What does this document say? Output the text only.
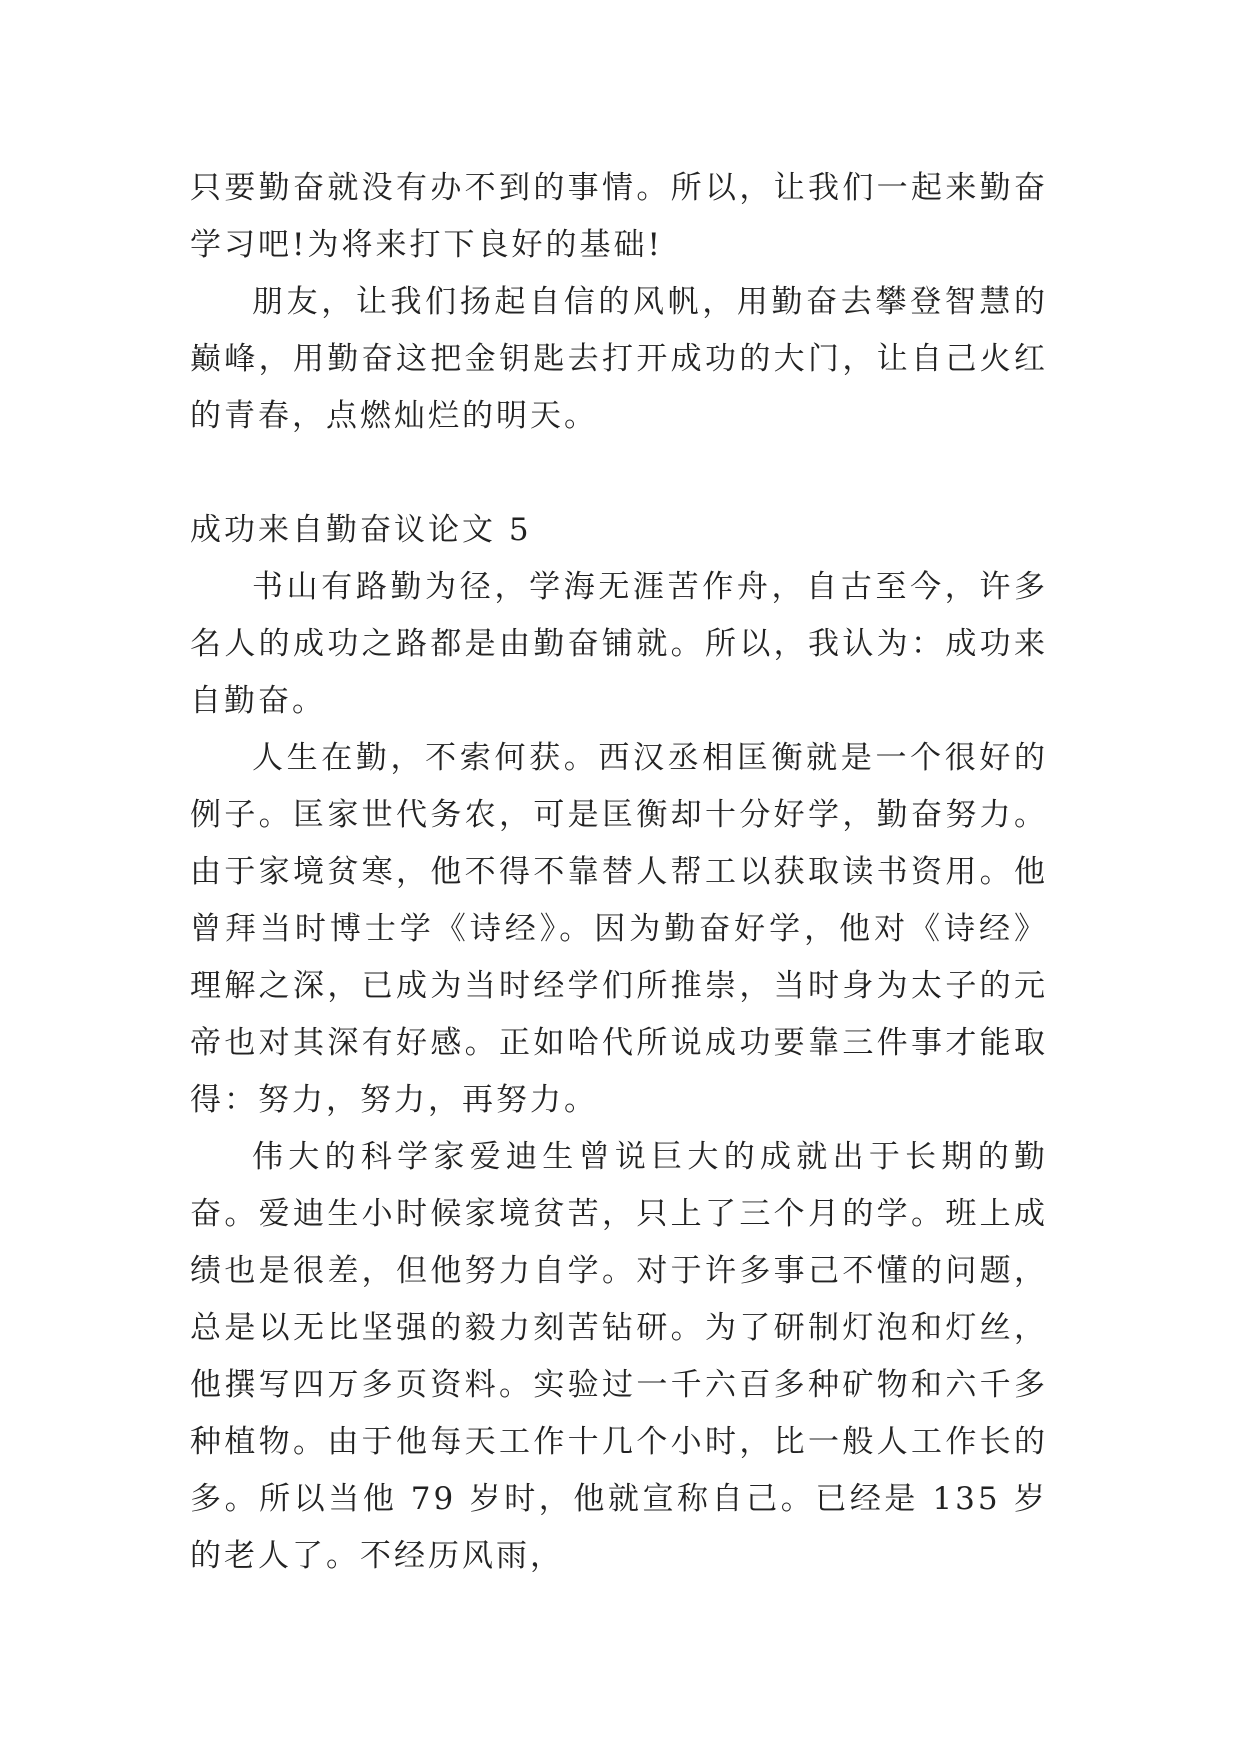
只要勤奋就没有办不到的事情。所以，让我们一起来勤奋学习吧!为将来打下良好的基础!

朋友，让我们扬起自信的风帆，用勤奋去攀登智慧的巅峰，用勤奋这把金钥匙去打开成功的大门，让自己火红的青春，点燃灿烂的明天。

成功来自勤奋议论文 5

书山有路勤为径，学海无涯苦作舟，自古至今，许多名人的成功之路都是由勤奋铺就。所以，我认为：成功来自勤奋。

人生在勤，不索何获。西汉丞相匡衡就是一个很好的例子。匡家世代务农，可是匡衡却十分好学，勤奋努力。由于家境贫寒，他不得不靠替人帮工以获取读书资用。他曾拜当时博士学《诗经》。因为勤奋好学，他对《诗经》理解之深，已成为当时经学们所推崇，当时身为太子的元帝也对其深有好感。正如哈代所说成功要靠三件事才能取得：努力，努力，再努力。

伟大的科学家爱迪生曾说巨大的成就出于长期的勤奋。爱迪生小时候家境贫苦，只上了三个月的学。班上成绩也是很差，但他努力自学。对于许多事己不懂的问题，总是以无比坚强的毅力刻苦钻研。为了研制灯泡和灯丝，他撰写四万多页资料。实验过一千六百多种矿物和六千多种植物。由于他每天工作十几个小时，比一般人工作长的多。所以当他 79 岁时，他就宣称自己。已经是 135 岁的老人了。不经历风雨，
